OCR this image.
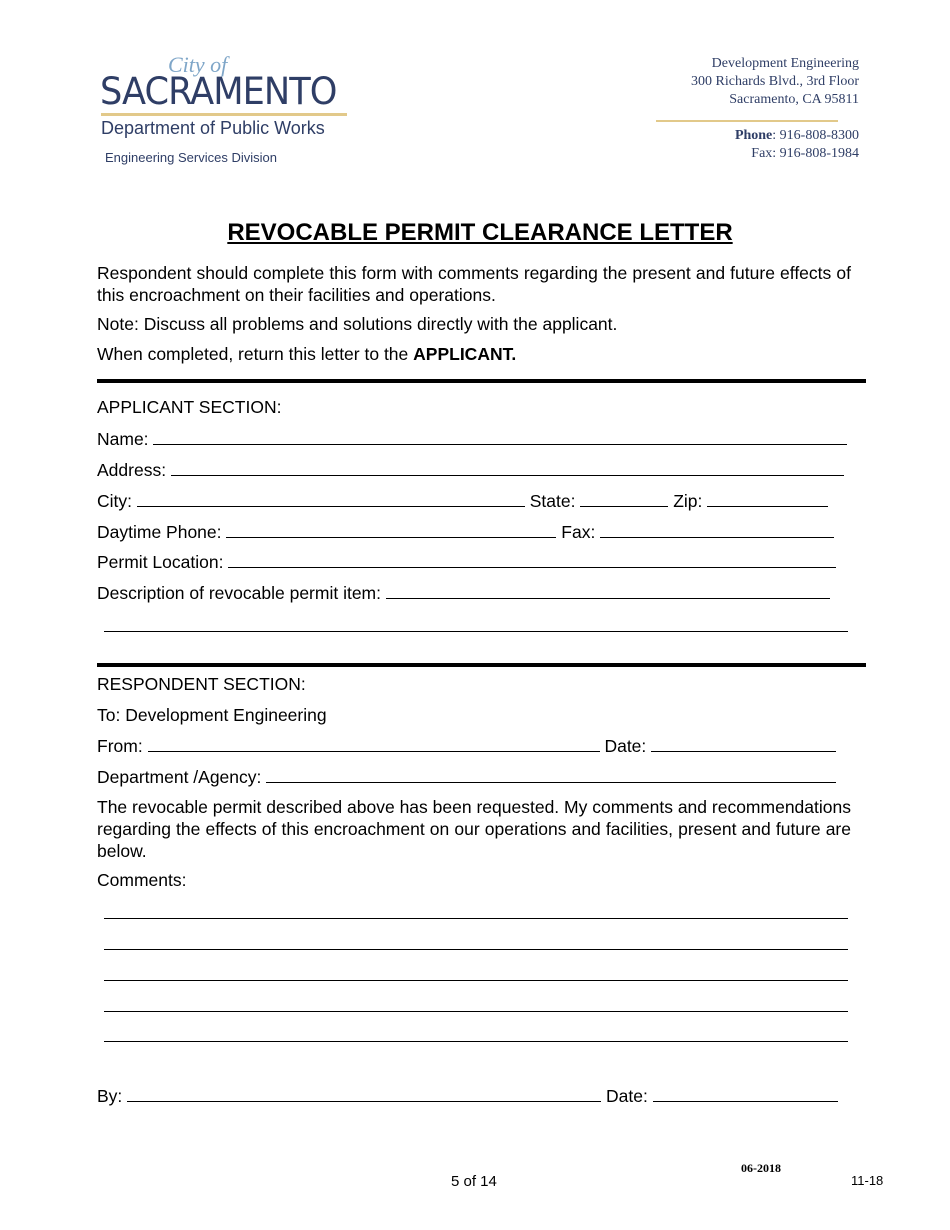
City of
SACRAMENTO
Department of Public Works
Engineering Services Division
Development Engineering
300 Richards Blvd., 3rd Floor
Sacramento, CA 95811
Phone: 916-808-8300
Fax: 916-808-1984
REVOCABLE PERMIT CLEARANCE LETTER
Respondent should complete this form with comments regarding the present and future effects of this encroachment on their facilities and operations.
Note: Discuss all problems and solutions directly with the applicant.
When completed, return this letter to the APPLICANT.
APPLICANT SECTION:
Name:
Address:
City:	State:	Zip:
Daytime Phone:	Fax:
Permit Location:
Description of revocable permit item:
RESPONDENT SECTION:
To: Development Engineering
From:	Date:
Department /Agency:
The revocable permit described above has been requested. My comments and recommendations regarding the effects of this encroachment on our operations and facilities, present and future are below.
Comments:
By:	Date:
06-2018
5 of 14	11-18
